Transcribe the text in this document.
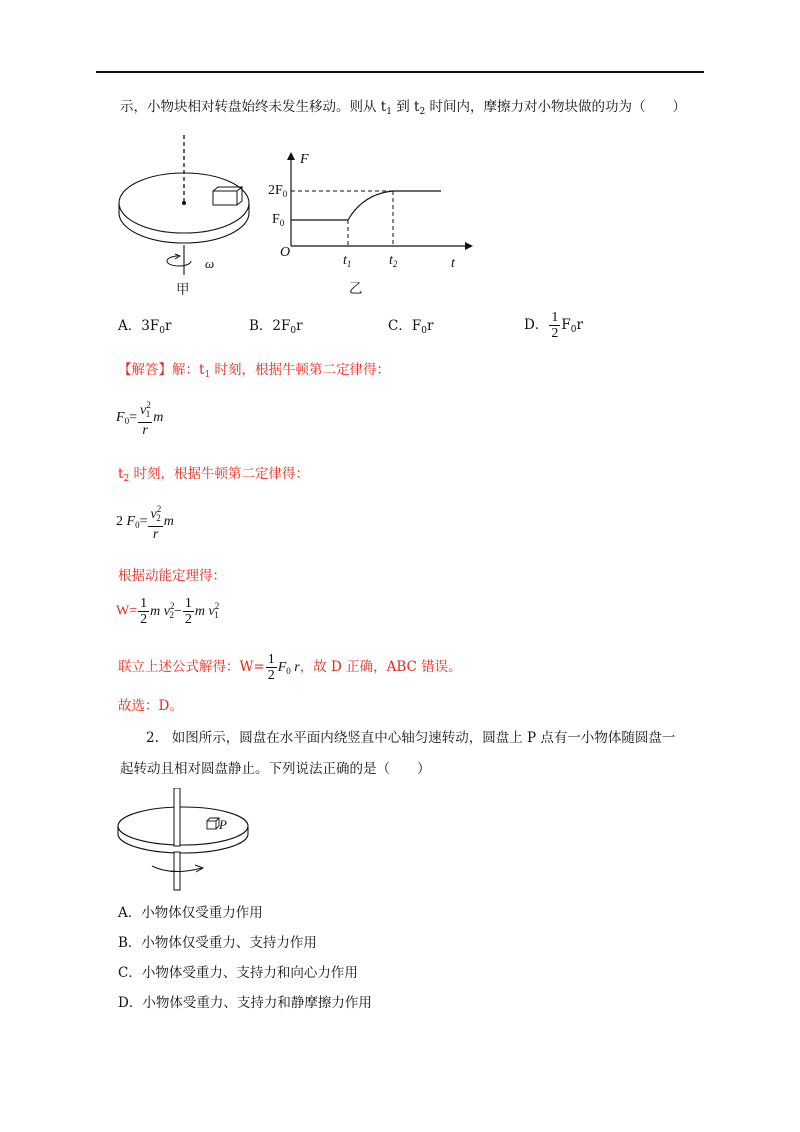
示，小物块相对转盘始终未发生移动。则从 $t_1$ 到 $t_2$ 时间内，摩擦力对小物块做的功为（　　）
ω
甲
F
$2F_0$
$F_0$
O
$t_1$	$t_2$	t
乙
A．$3F_0r$	B．$2F_0r$	C．$F_0r$	D． $\frac{1}{2} F_0r$
【解答】解：$t_1$ 时刻，根据牛顿第二定律得：
$F_0= \frac{v^2_1}{r}$ m
$t_2$ 时刻，根据牛顿第二定律得：
2 $F_0= \frac{v^2_2}{r}$ m
根据动能定理得：
$W= \frac{1}{2}$ m $v^2_2- \frac{1}{2}$ m $v^2_1$
联立上述公式解得：$W= \frac{1}{2} F_0$ r，故 D 正确，ABC 错误。
故选：D。
2. 如图所示，圆盘在水平面内绕竖直中心轴匀速转动，圆盘上 P 点有一小物体随圆盘一
起转动且相对圆盘静止。下列说法正确的是（　　）
P
A．小物体仅受重力作用
B．小物体仅受重力、支持力作用
C．小物体受重力、支持力和向心力作用
D．小物体受重力、支持力和静摩擦力作用
